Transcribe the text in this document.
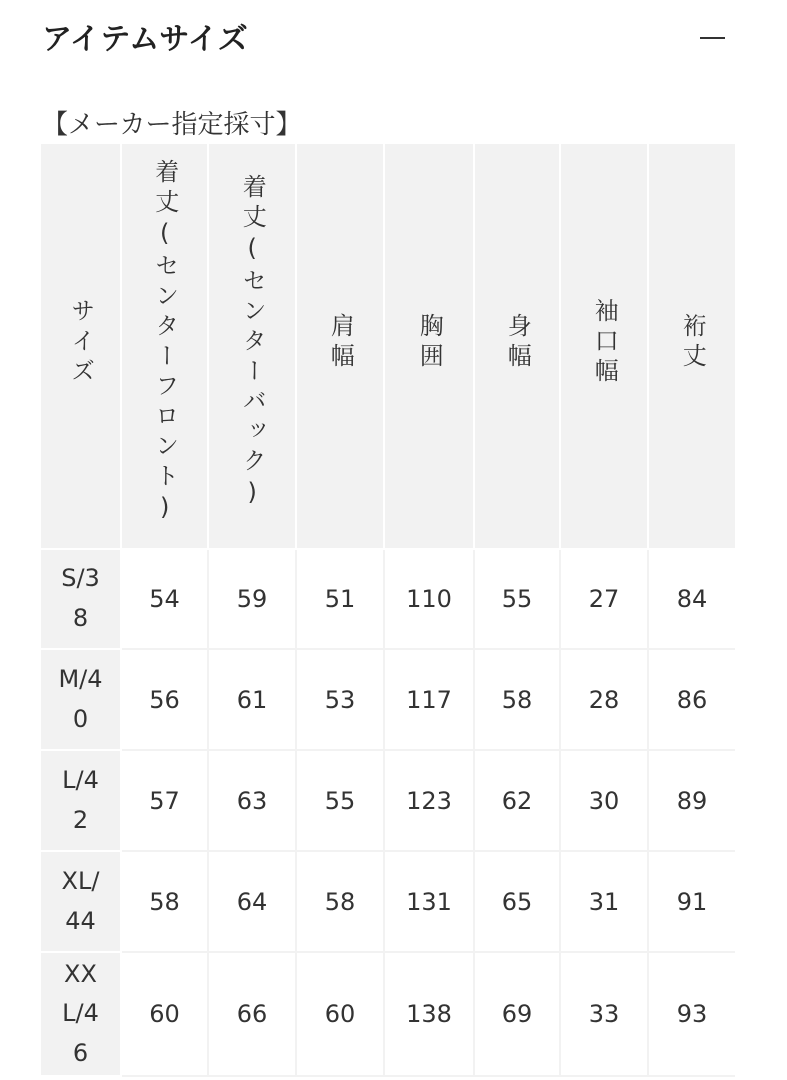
アイテムサイズ
【メーカー指定採寸】
サイズ	着丈(センターフロント)	着丈(センターバック)	肩幅	胸囲	身幅	袖口幅	裄丈
S/38	54	59	51	110	55	27	84
M/40	56	61	53	117	58	28	86
L/42	57	63	55	123	62	30	89
XL/44	58	64	58	131	65	31	91
XXL/46	60	66	60	138	69	33	93
